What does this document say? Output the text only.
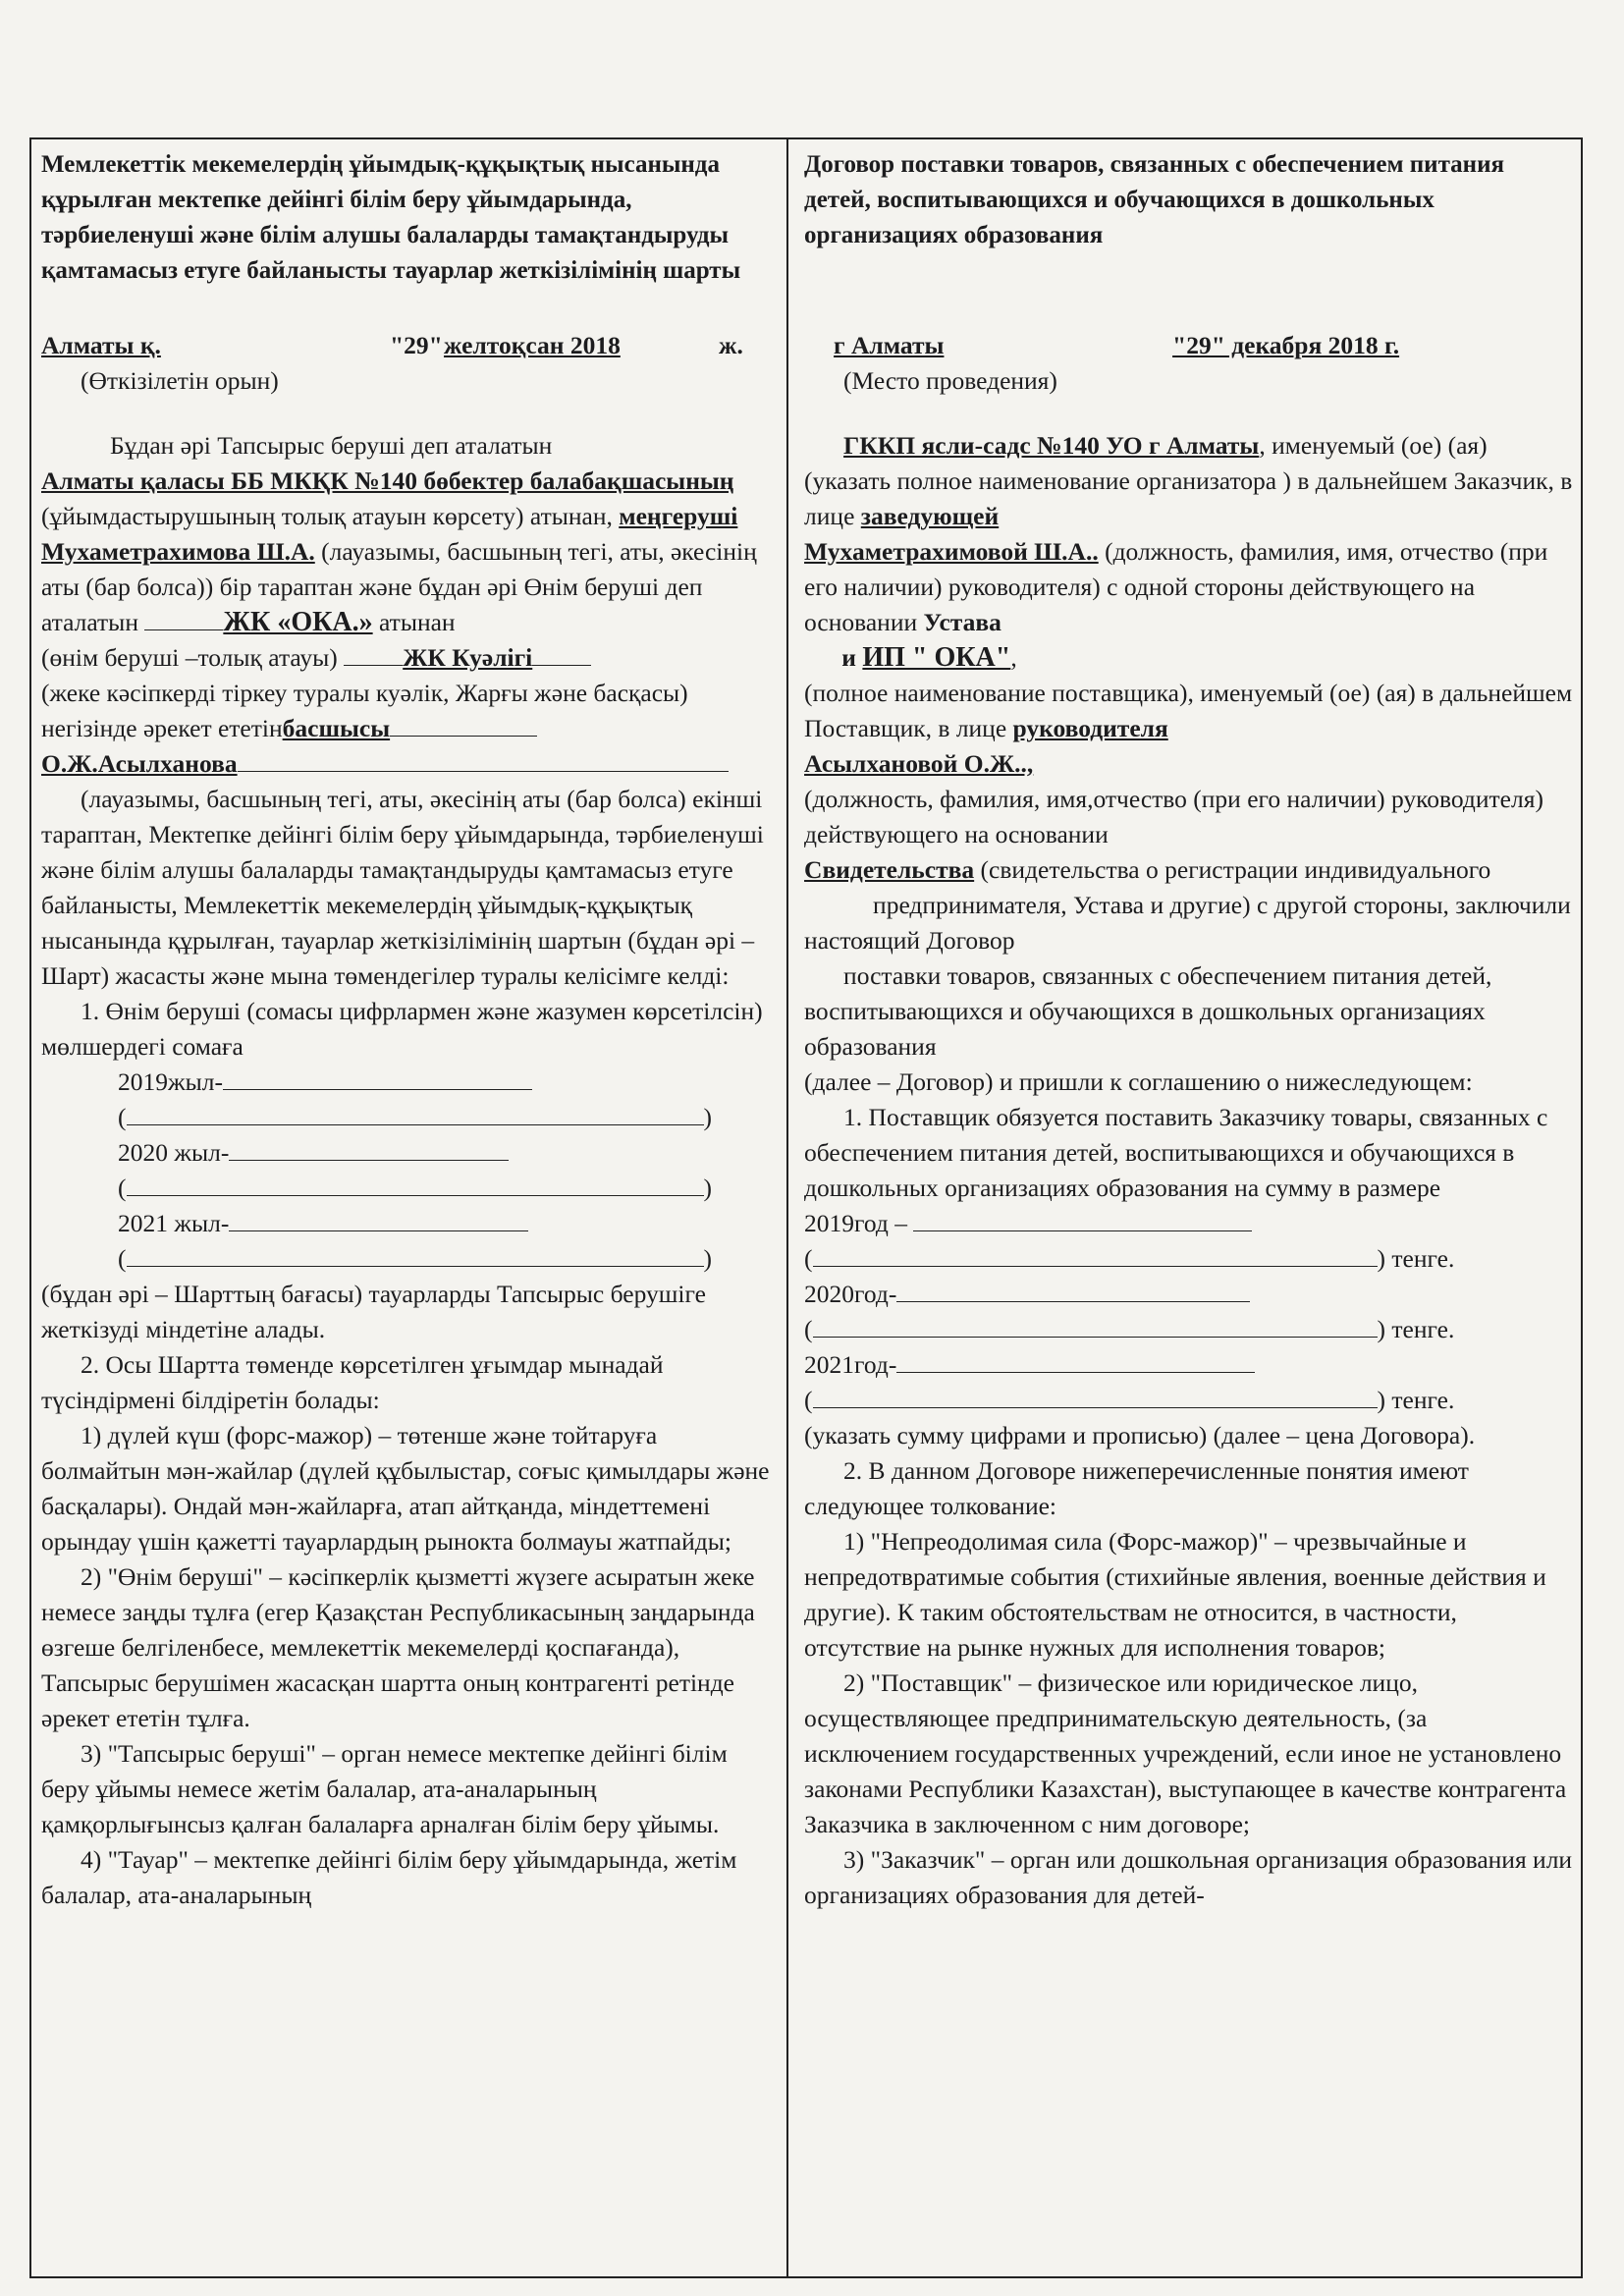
Мемлекеттік мекемелердің ұйымдық-құқықтық нысанында құрылған мектепке дейінгі білім беру ұйымдарында, тәрбиеленуші және білім алушы балаларды тамақтандыруды қамтамасыз етуге байланысты тауарлар жеткізілімінің шарты

Алматы қ.	"29" желтоқсан 2018	ж.

(Өткізілетін орын)

Бұдан әрі Тапсырыс беруші деп аталатын
Алматы қаласы ББ МКҚК №140 бөбектер балабақшасының (ұйымдастырушының толық атауын көрсету) атынан, меңгеруші Мухаметрахимова Ш.А. (лауазымы, басшының тегі, аты, әкесінің аты (бар болса)) бір тараптан және бұдан әрі Өнім беруші деп аталатын	ЖК «ОКА.» атынан
(өнім беруші –толық атауы)	ЖК Куәлігі
(жеке кәсіпкерді тіркеу туралы куәлік, Жарғы және басқасы) негізінде әрекет ететінбасшысы
О.Ж.Асылханова

(лауазымы, басшының тегі, аты, әкесінің аты (бар болса) екінші тараптан, Мектепке дейінгі білім беру ұйымдарында, тәрбиеленуші және білім алушы балаларды тамақтандыруды қамтамасыз етуге байланысты, Мемлекеттік мекемелердің ұйымдық-құқықтық нысанында құрылған, тауарлар жеткізілімінің шартын (бұдан әрі – Шарт) жасасты және мына төмендегілер туралы келісімге келді:

1. Өнім беруші (сомасы цифрлармен және жазумен көрсетілсін) мөлшердегі сомаға

2019жыл-

(	)

2020 жыл-

(	)

2021 жыл-

(	)

(бұдан әрі – Шарттың бағасы) тауарларды Тапсырыс берушіге жеткізуді міндетіне алады.

2. Осы Шартта төменде көрсетілген ұғымдар мынадай түсіндірмені білдіретін болады:

1) дүлей күш (форс-мажор) – төтенше және тойтаруға болмайтын мән-жайлар (дүлей құбылыстар, соғыс қимылдары және басқалары). Ондай мән-жайларға, атап айтқанда, міндеттемені орындау үшін қажетті тауарлардың рыноктa болмауы жатпайды;

2) "Өнім беруші" – кәсіпкерлік қызметті жүзеге асыратын жеке немесе заңды тұлға (егер Қазақстан Республикасының заңдарында өзгеше белгіленбесе, мемлекеттік мекемелерді қоспағанда), Тапсырыс берушімен жасасқан шартта оның контрагенті ретінде әрекет ететін тұлға.

3) "Тапсырыс беруші" – орган немесе мектепке дейінгі білім беру ұйымы немесе жетім балалар, ата-аналарының қамқорлығынсыз қалған балаларға арналған білім беру ұйымы.

4) "Тауар" – мектепке дейінгі білім беру ұйымдарында, жетім балалар, ата-аналарының

Договор поставки товаров, связанных с обеспечением питания детей, воспитывающихся и обучающихся в дошкольных организациях образования

г Алматы	"29" декабря 2018 г.

(Место проведения)

ГККП ясли-садс №140 УО г Алматы, именуемый (ое) (ая) (указать полное наименование организатора ) в дальнейшем Заказчик, в лице заведующей
Мухаметрахимовой Ш.А.. (должность, фамилия, имя, отчество (при его наличии) руководителя) с одной стороны действующего на основании Устава
и ИП " ОКА",
(полное наименование поставщика), именуемый (ое) (ая) в дальнейшем Поставщик, в лице руководителя
Асылхановой О.Ж..,
(должность, фамилия, имя,отчество (при его наличии) руководителя) действующего на основании
Свидетельства (свидетельства о регистрации индивидуального

предпринимателя, Устава и другие) с другой стороны, заключили настоящий Договор

поставки товаров, связанных с обеспечением питания детей, воспитывающихся и обучающихся в дошкольных организациях образования

(далее – Договор) и пришли к соглашению о нижеследующем:

1. Поставщик обязуется поставить Заказчику товары, связанных с обеспечением питания детей, воспитывающихся и обучающихся в дошкольных организациях образования на сумму в размере

2019год –

(	) тенге.

2020год-

(	) тенге.

2021год-

(	) тенге.

(указать сумму цифрами и прописью) (далее – цена Договора).

2. В данном Договоре нижеперечисленные понятия имеют следующее толкование:

1) "Непреодолимая сила (Форс-мажор)" – чрезвычайные и непредотвратимые события (стихийные явления, военные действия и другие). К таким обстоятельствам не относится, в частности, отсутствие на рынке нужных для исполнения товаров;

2) "Поставщик" – физическое или юридическое лицо, осуществляющее предпринимательскую деятельность, (за исключением государственных учреждений, если иное не установлено законами Республики Казахстан), выступающее в качестве контрагента Заказчика в заключенном с ним договоре;

3) "Заказчик" – орган или дошкольная организация образования или организациях образования для детей-
